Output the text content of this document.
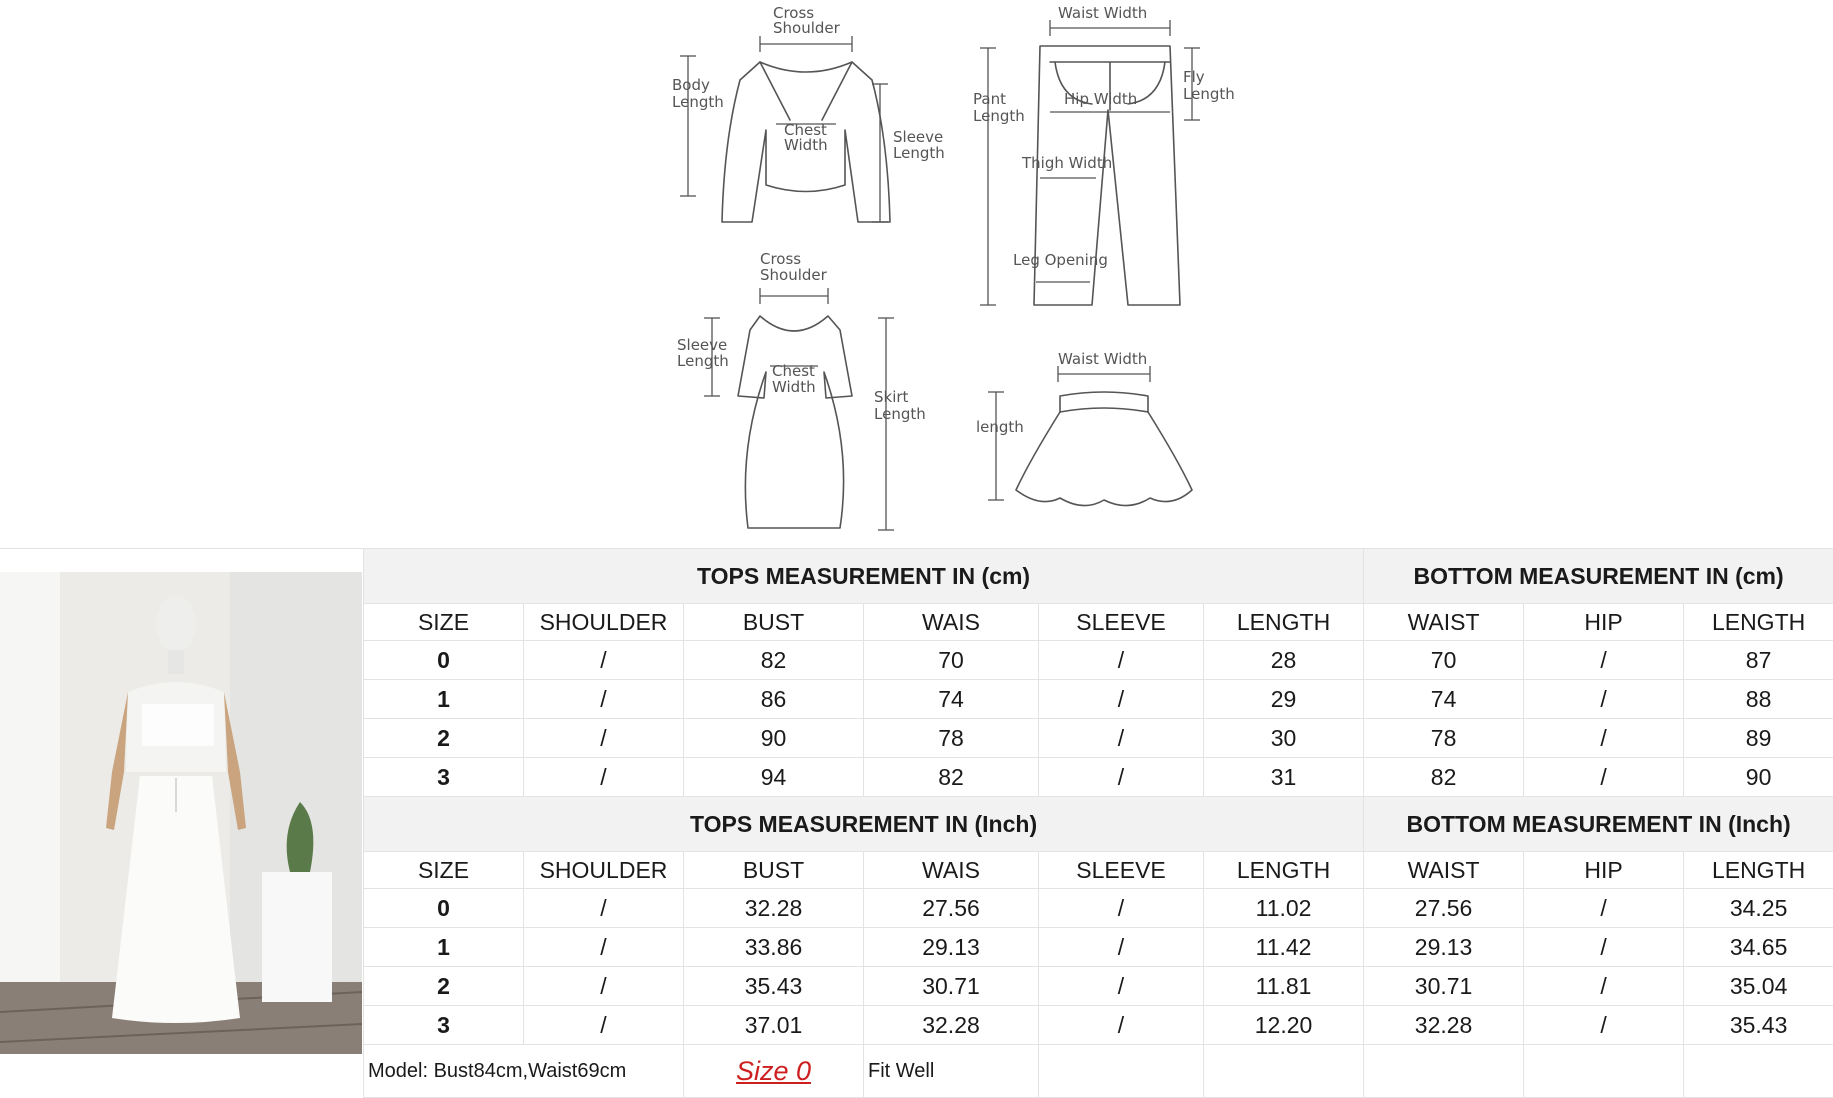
Cross
Shoulder
Body
Length
Chest
Width	Sleeve
Length
Waist Width
Pant
Length
Hip Width
Fly
Length
Thigh Width
Leg Opening
Cross
Shoulder
Sleeve
Length
Chest
Width
Skirt
Length
Waist Width
length
TOPS MEASUREMENT IN (cm)						BOTTOM MEASUREMENT IN (cm)		
SIZE	SHOULDER	BUST	WAIS	SLEEVE	LENGTH	WAIST	HIP	LENGTH
0	/	82	70	/	28	70	/	87
1	/	86	74	/	29	74	/	88
2	/	90	78	/	30	78	/	89
3	/	94	82	/	31	82	/	90
TOPS MEASUREMENT IN (Inch)						BOTTOM MEASUREMENT IN (Inch)		
SIZE	SHOULDER	BUST	WAIS	SLEEVE	LENGTH	WAIST	HIP	LENGTH
0	/	32.28	27.56	/	11.02	27.56	/	34.25
1	/	33.86	29.13	/	11.42	29.13	/	34.65
2	/	35.43	30.71	/	11.81	30.71	/	35.04
3	/	37.01	32.28	/	12.20	32.28	/	35.43
Model: Bust84cm,Waist69cm		Size 0	Fit Well					
